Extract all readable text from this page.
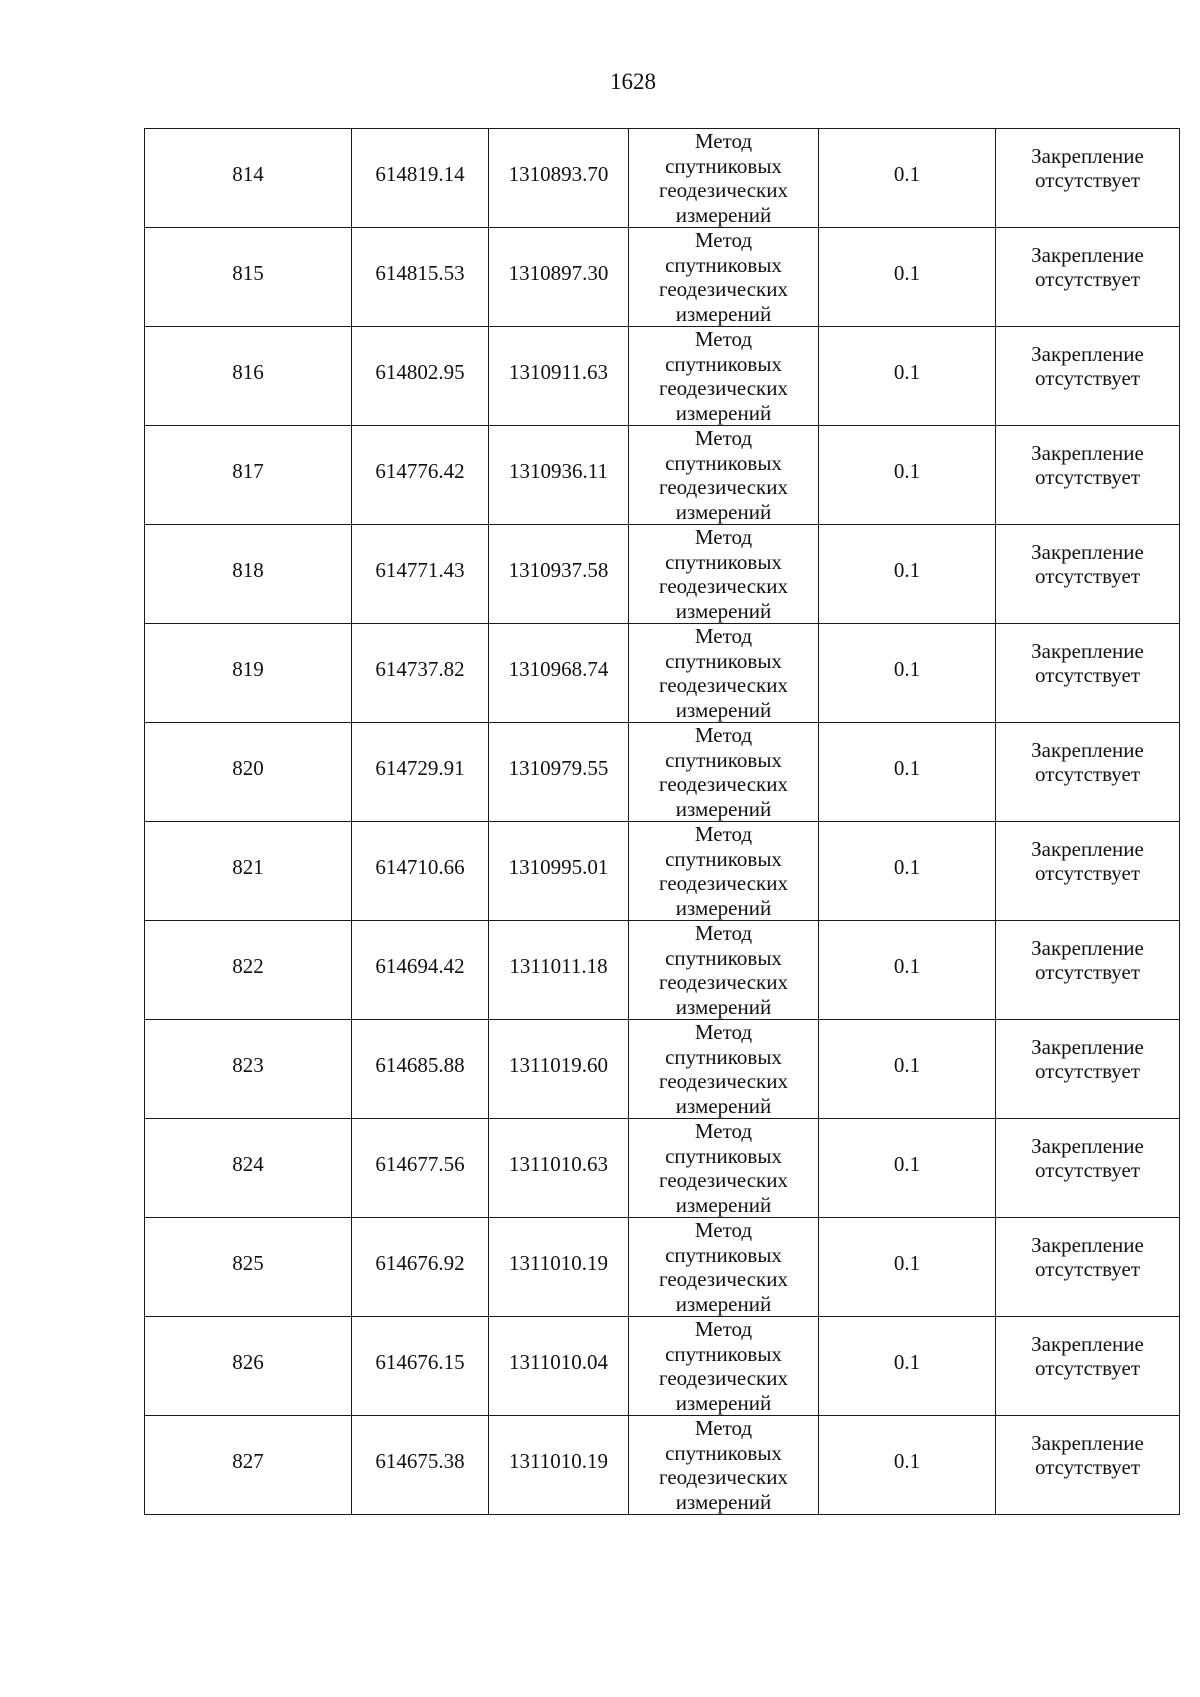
1628
814	614819.14	1310893.70	Метод
спутниковых
геодезических
измерений	0.1	Закрепление
отсутствует

815	614815.53	1310897.30	Метод
спутниковых
геодезических
измерений	0.1	Закрепление
отсутствует

816	614802.95	1310911.63	Метод
спутниковых
геодезических
измерений	0.1	Закрепление
отсутствует

817	614776.42	1310936.11	Метод
спутниковых
геодезических
измерений	0.1	Закрепление
отсутствует

818	614771.43	1310937.58	Метод
спутниковых
геодезических
измерений	0.1	Закрепление
отсутствует

819	614737.82	1310968.74	Метод
спутниковых
геодезических
измерений	0.1	Закрепление
отсутствует

820	614729.91	1310979.55	Метод
спутниковых
геодезических
измерений	0.1	Закрепление
отсутствует

821	614710.66	1310995.01	Метод
спутниковых
геодезических
измерений	0.1	Закрепление
отсутствует

822	614694.42	1311011.18	Метод
спутниковых
геодезических
измерений	0.1	Закрепление
отсутствует

823	614685.88	1311019.60	Метод
спутниковых
геодезических
измерений	0.1	Закрепление
отсутствует

824	614677.56	1311010.63	Метод
спутниковых
геодезических
измерений	0.1	Закрепление
отсутствует

825	614676.92	1311010.19	Метод
спутниковых
геодезических
измерений	0.1	Закрепление
отсутствует

826	614676.15	1311010.04	Метод
спутниковых
геодезических
измерений	0.1	Закрепление
отсутствует

827	614675.38	1311010.19	Метод
спутниковых
геодезических
измерений	0.1	Закрепление
отсутствует
